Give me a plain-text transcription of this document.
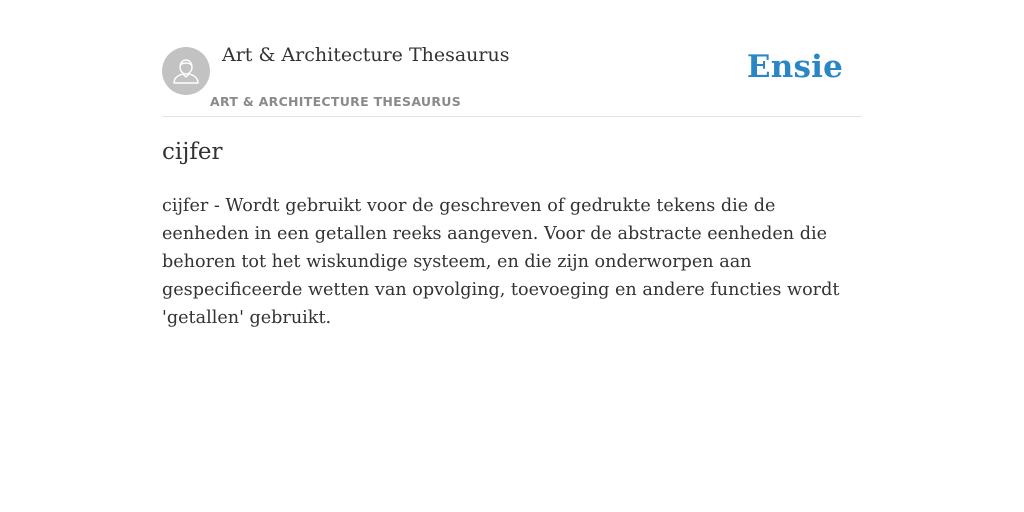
Art & Architecture Thesaurus
ART & ARCHITECTURE THESAURUS
Ensie
cijfer
cijfer - Wordt gebruikt voor de geschreven of gedrukte tekens die de eenheden in een getallen reeks aangeven. Voor de abstracte eenheden die behoren tot het wiskundige systeem, en die zijn onderworpen aan gespecificeerde wetten van opvolging, toevoeging en andere functies wordt 'getallen' gebruikt.
